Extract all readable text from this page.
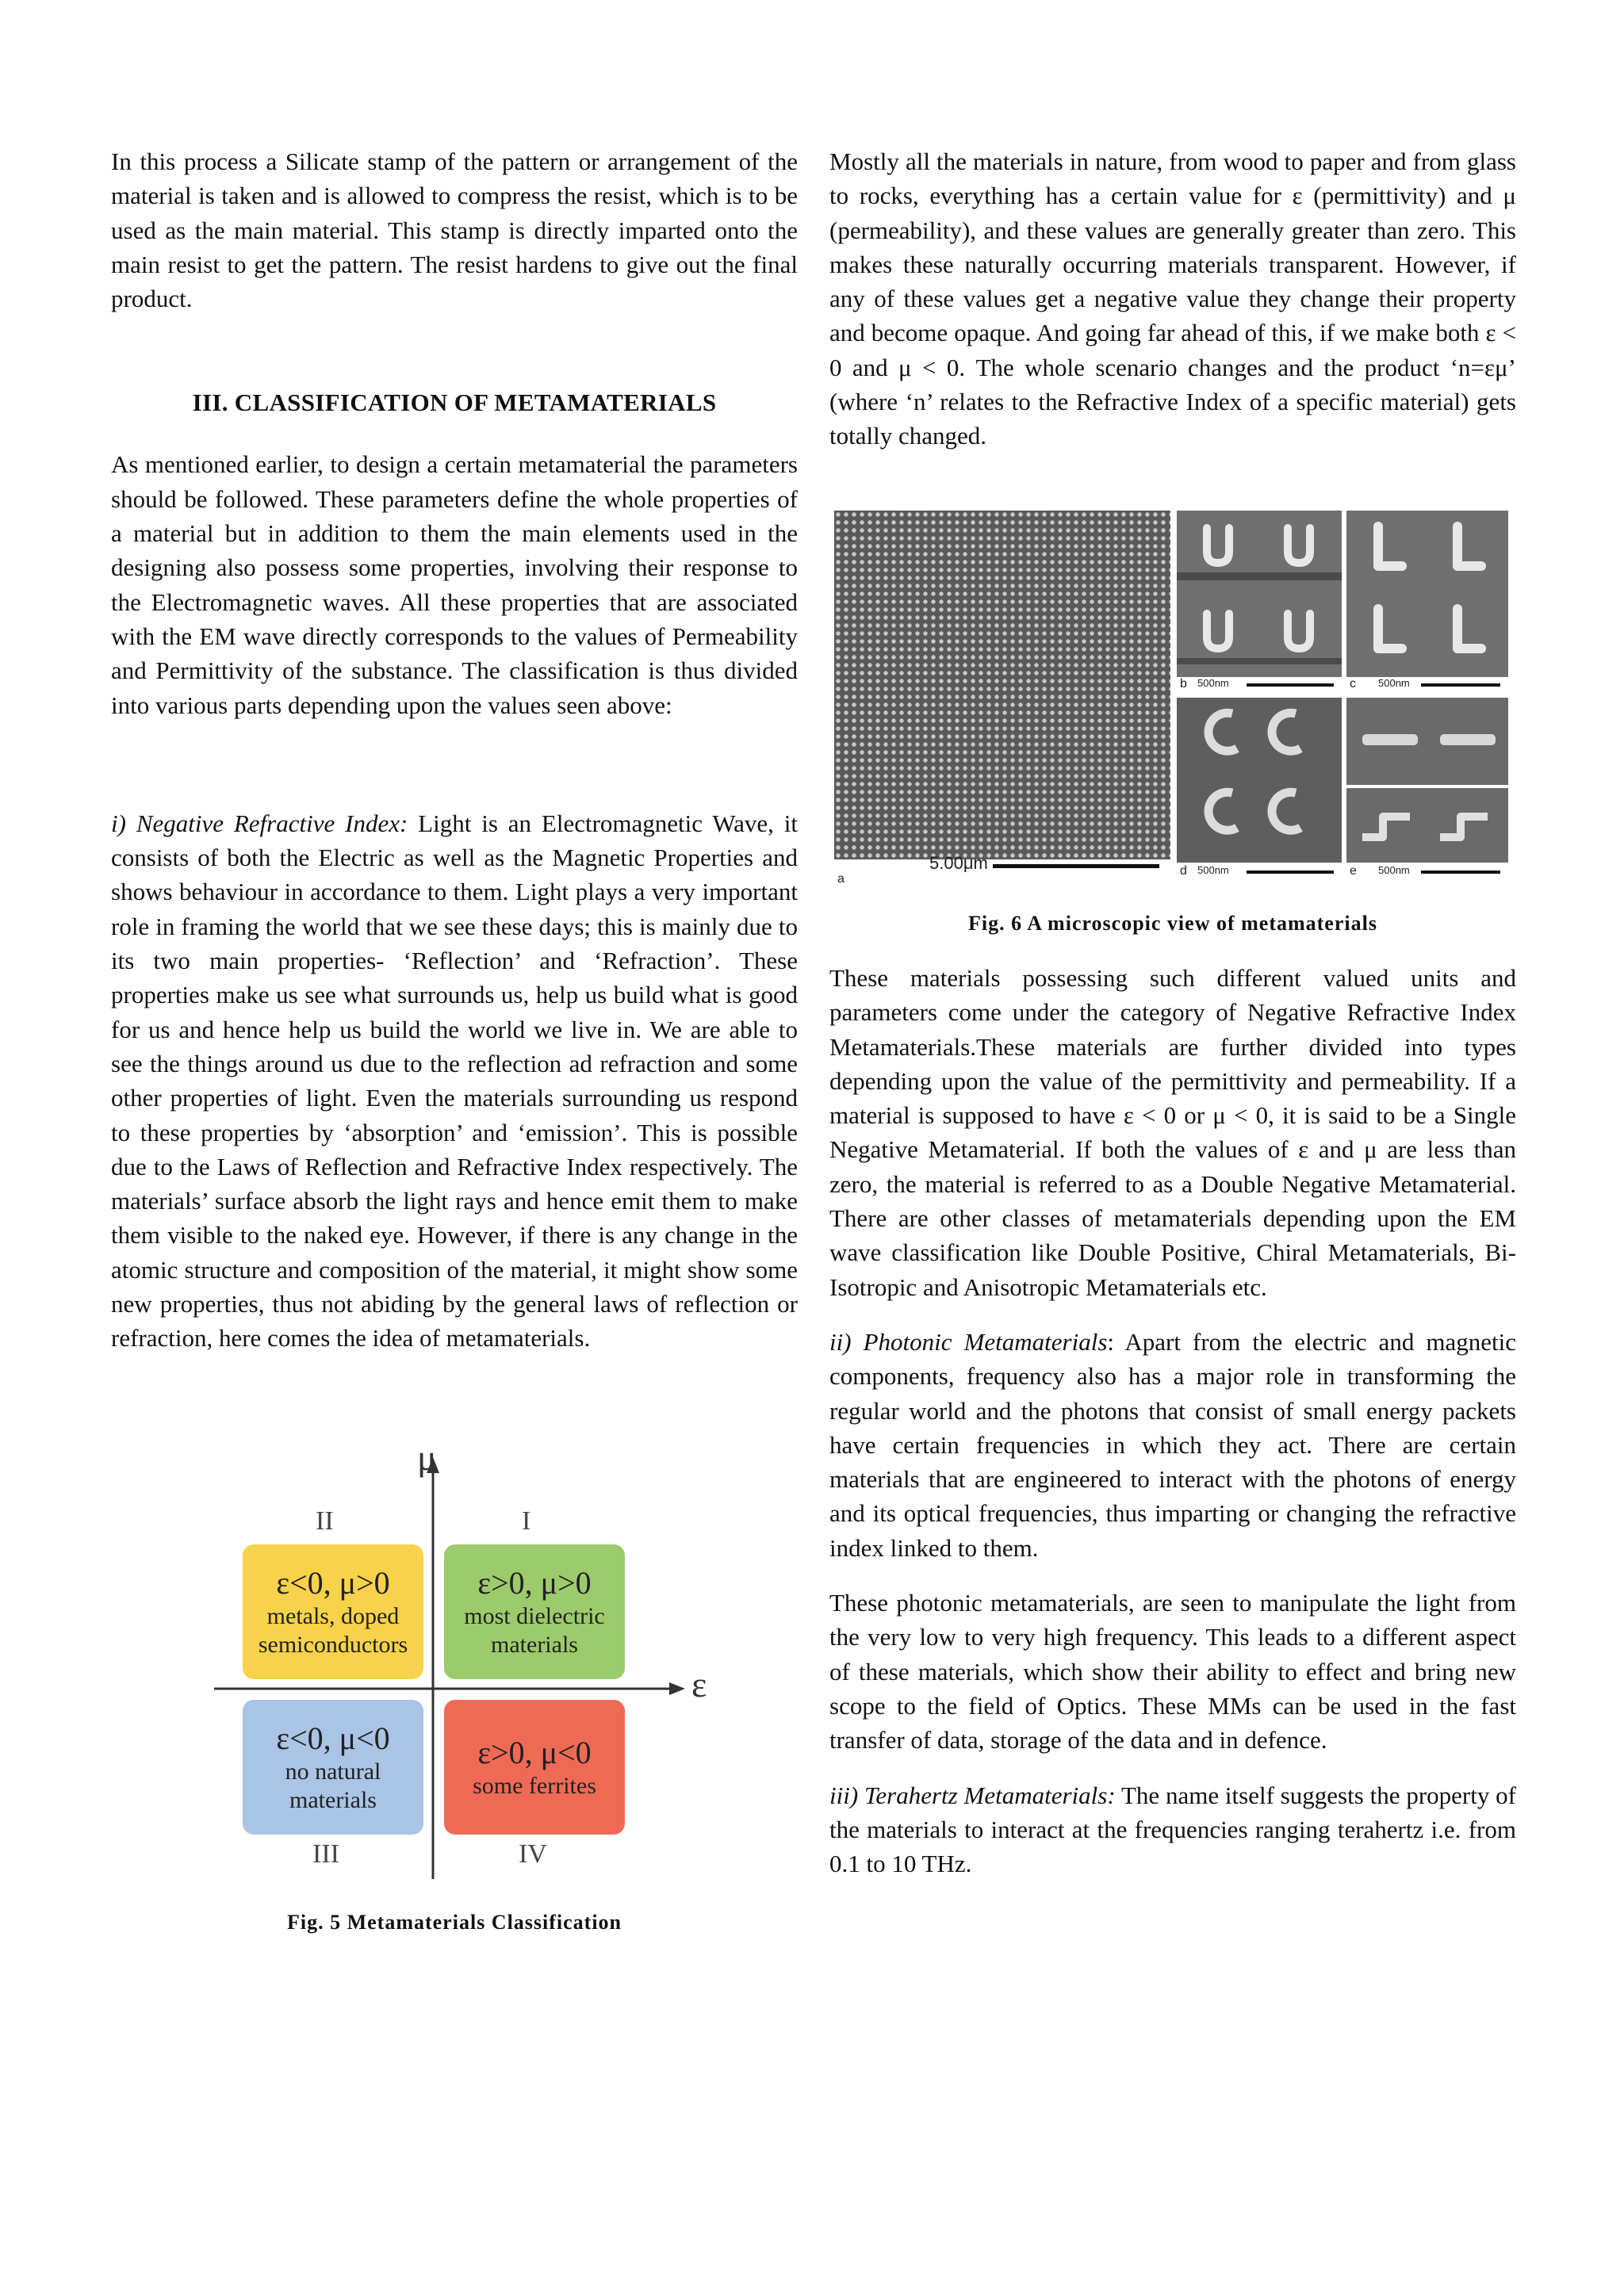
In this process a Silicate stamp of the pattern or arrangement of the material is taken and is allowed to compress the resist, which is to be used as the main material. This stamp is directly imparted onto the main resist to get the pattern. The resist hardens to give out the final product.

III. CLASSIFICATION OF METAMATERIALS

As mentioned earlier, to design a certain metamaterial the parameters should be followed. These parameters define the whole properties of a material but in addition to them the main elements used in the designing also possess some properties, involving their response to the Electromagnetic waves. All these properties that are associated with the EM wave directly corresponds to the values of Permeability and Permittivity of the substance. The classification is thus divided into various parts depending upon the values seen above:

i) Negative Refractive Index: Light is an Electromagnetic Wave, it consists of both the Electric as well as the Magnetic Properties and shows behaviour in accordance to them. Light plays a very important role in framing the world that we see these days; this is mainly due to its two main properties- ‘Reflection’ and ‘Refraction’. These properties make us see what surrounds us, help us build what is good for us and hence help us build the world we live in. We are able to see the things around us due to the reflection ad refraction and some other properties of light. Even the materials surrounding us respond to these properties by ‘absorption’ and ‘emission’. This is possible due to the Laws of Reflection and Refractive Index respectively. The materials’ surface absorb the light rays and hence emit them to make them visible to the naked eye. However, if there is any change in the atomic structure and composition of the material, it might show some new properties, thus not abiding by the general laws of reflection or refraction, here comes the idea of metamaterials.

μ
ε
II	I
III	IV
ε<0, μ>0
metals, doped
semiconductors
ε>0, μ>0
most dielectric
materials
ε<0, μ<0
no natural
materials
ε>0, μ<0
some ferrites

Fig. 5 Metamaterials Classification

Mostly all the materials in nature, from wood to paper and from glass to rocks, everything has a certain value for ε (permittivity) and μ (permeability), and these values are generally greater than zero. This makes these naturally occurring materials transparent. However, if any of these values get a negative value they change their property and become opaque. And going far ahead of this, if we make both ε < 0 and μ < 0. The whole scenario changes and the product ‘n=εμ’ (where ‘n’ relates to the Refractive Index of a specific material) gets totally changed.

a
5.00μm
b 500nm	c 500nm
d 500nm	e 500nm

Fig. 6 A microscopic view of metamaterials

These materials possessing such different valued units and parameters come under the category of Negative Refractive Index Metamaterials.These materials are further divided into types depending upon the value of the permittivity and permeability. If a material is supposed to have ε < 0 or μ < 0, it is said to be a Single Negative Metamaterial. If both the values of ε and μ are less than zero, the material is referred to as a Double Negative Metamaterial. There are other classes of metamaterials depending upon the EM wave classification like Double Positive, Chiral Metamaterials, Bi-Isotropic and Anisotropic Metamaterials etc.

ii) Photonic Metamaterials: Apart from the electric and magnetic components, frequency also has a major role in transforming the regular world and the photons that consist of small energy packets have certain frequencies in which they act. There are certain materials that are engineered to interact with the photons of energy and its optical frequencies, thus imparting or changing the refractive index linked to them.

These photonic metamaterials, are seen to manipulate the light from the very low to very high frequency. This leads to a different aspect of these materials, which show their ability to effect and bring new scope to the field of Optics. These MMs can be used in the fast transfer of data, storage of the data and in defence.

iii) Terahertz Metamaterials: The name itself suggests the property of the materials to interact at the frequencies ranging terahertz i.e. from 0.1 to 10 THz.
